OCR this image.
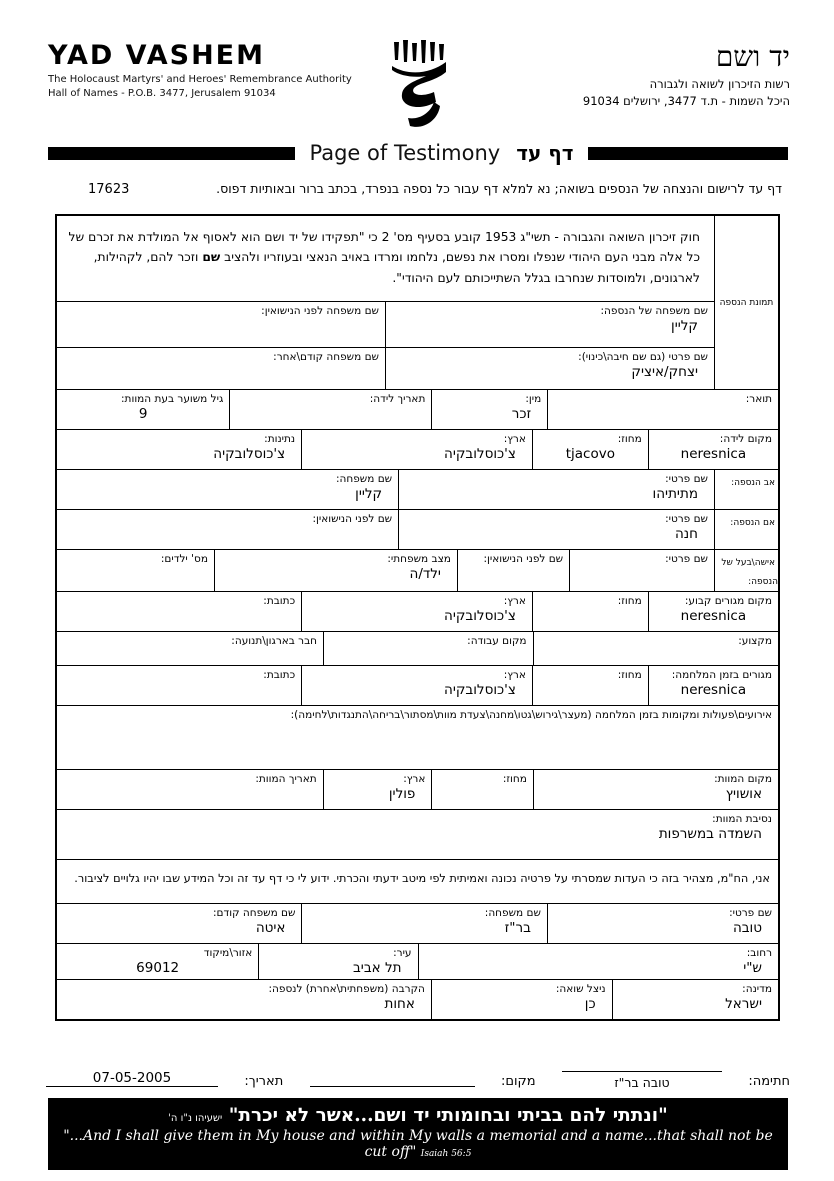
YAD VASHEM
The Holocaust Martyrs' and Heroes' Remembrance Authority
Hall of Names - P.O.B. 3477, Jerusalem 91034
יד ושם
רשות הזיכרון לשואה ולגבורה
היכל השמות - ת.ד 3477, ירושלים 91034
Page of Testimony דף עד
דף עד לרישום והנצחה של הנספים בשואה; נא למלא דף עבור כל נספה בנפרד, בכתב ברור ובאותיות דפוס.
17623
תמונת הנספה

חוק זיכרון השואה והגבורה - תשי"ג 1953 קובע בסעיף מס' 2 כי "תפקידו של יד ושם הוא לאסוף אל המולדת את זכרם של כל אלה מבני העם היהודי שנפלו ומסרו את נפשם, נלחמו ומרדו באויב הנאצי ובעוזריו ולהציב שם וזכר להם, לקהילות, לארגונים, ולמוסדות שנחרבו בגלל השתייכותם לעם היהודי".

שם משפחה של הנספה:
קליין
שם משפחה לפני הנישואין:
שם פרטי (גם שם חיבה\כינוי):
יצחק/איציק
שם משפחה קודם\אחר:
תואר:
מין:
זכר
תאריך לידה:
גיל משוער בעת המוות:
9
מקום לידה:
neresnica
מחוז:
tjacovo
ארץ:
צ'כוסלובקיה
נתינות:
צ'כוסלובקיה
אב הנספה:
שם פרטי:
מתיתיהו
שם משפחה:
קליין
אם הנספה:
שם פרטי:
חנה
שם לפני הנישואין:
אישה\בעל של הנספה:
שם פרטי:
שם לפני הנישואין:
מצב משפחתי:
ילד/ה
מס' ילדים:
מקום מגורים קבוע:
neresnica
מחוז:
ארץ:
צ'כוסלובקיה
כתובת:
מקצוע:
מקום עבודה:
חבר בארגון\תנועה:
מגורים בזמן המלחמה:
neresnica
מחוז:
ארץ:
צ'כוסלובקיה
כתובת:
אירועים\פעולות ומקומות בזמן המלחמה (מעצר\גירוש\גטו\מחנה\צעדת מוות\מסתור\בריחה\התנגדות\לחימה):
מקום המוות:
אושויץ
מחוז:
ארץ:
פולין
תאריך המוות:
נסיבת המוות:
השמדה במשרפות

אני, הח"מ, מצהיר בזה כי העדות שמסרתי על פרטיה נכונה ואמיתית לפי מיטב ידעתי והכרתי. ידוע לי כי דף עד זה וכל המידע שבו יהיו גלויים לציבור.

שם פרטי:
טובה
שם משפחה:
בר"ז
שם משפחה קודם:
איטה
רחוב:
ש"י
עיר:
תל אביב
אזור\מיקוד
69012
מדינה:
ישראל
ניצל שואה:
כן
הקרבה (משפחתית\אחרת) לנספה:
אחות
חתימה:
טובה בר"ז
מקום:
תאריך:
07-05-2005
"ונתתי להם בביתי ובחומותי יד ושם...אשר לא יכרת" ישעיהו נ"ו ה'
"...And I shall give them in My house and within My walls a memorial and a name...that shall not be cut off" Isaiah 56:5
